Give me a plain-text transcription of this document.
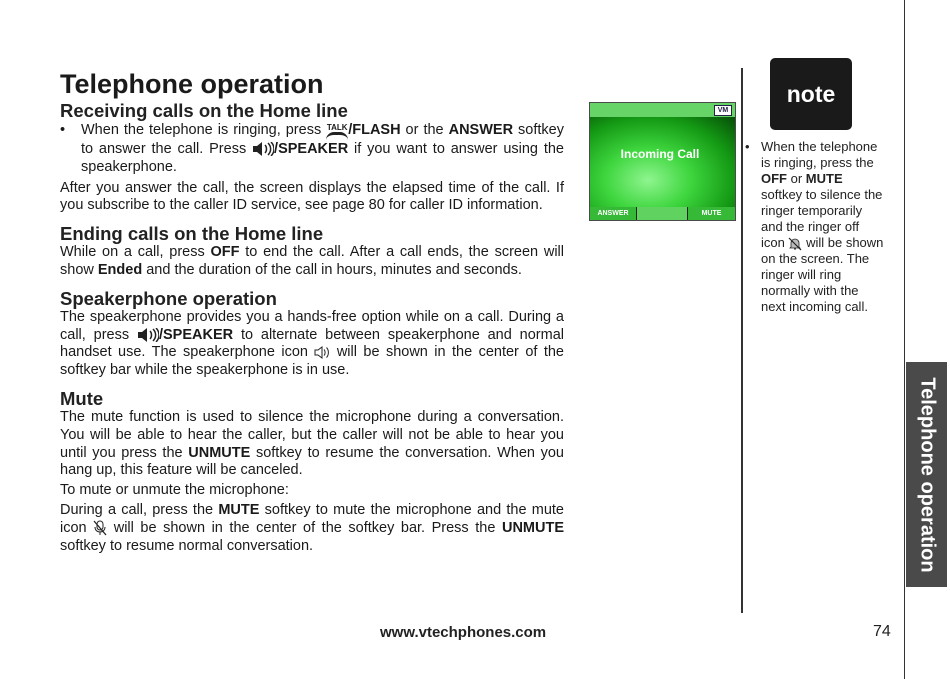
Telephone operation
Receiving calls on the Home line

• When the telephone is ringing, press TALK
/FLASH or the ANSWER softkey to answer the call. Press /SPEAKER if you want to answer using the speakerphone.

After you answer the call, the screen displays the elapsed time of the call. If you subscribe to the caller ID service, see page 80 for caller ID information.

Ending calls on the Home line

While on a call, press OFF to end the call. After a call ends, the screen will show Ended and the duration of the call in hours, minutes and seconds.

Speakerphone operation

The speakerphone provides you a hands-free option while on a call. During a call, press /SPEAKER to alternate between speakerphone and normal handset use. The speakerphone icon  will be shown in the center of the softkey bar while the speakerphone is in use.

Mute

The mute function is used to silence the microphone during a conversation. You will be able to hear the caller, but the caller will not be able to hear you until you press the UNMUTE softkey to resume the conversation. When you hang up, this feature will be canceled.

To mute or unmute the microphone:

During a call, press the MUTE softkey to mute the microphone and the mute icon  will be shown in the center of the softkey bar. Press the UNMUTE softkey to resume normal conversation.

VM
Incoming Call
ANSWER	MUTE
note
• When the telephone is ringing, press the OFF or MUTE softkey to silence the ringer temporarily and the ringer off icon  will be shown on the screen. The ringer will ring normally with the next incoming call.
Telephone operation
www.vtechphones.com	74
